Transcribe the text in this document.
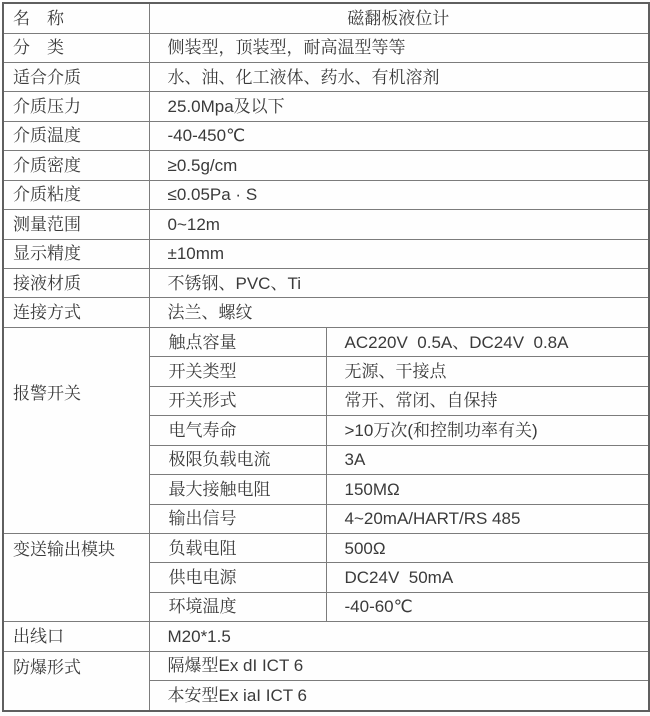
名　称	磁翻板液位计	
分　类	侧装型，顶装型，耐高温型等等	
适合介质	水、油、化工液体、药水、有机溶剂	
介质压力	25.0Mpa及以下	
介质温度	-40-450℃	
介质密度	≥0.5g/cm	
介质粘度	≤0.05Pa · S	
测量范围	0~12m	
显示精度	±10mm	
接液材质	不锈钢、PVC、Ti	
连接方式	法兰、螺纹	
报警开关	触点容量	AC220V  0.5A、DC24V  0.8A
	开关类型	无源、干接点
	开关形式	常开、常闭、自保持
	电气寿命	>10万次(和控制功率有关)
	极限负载电流	3A
	最大接触电阻	150MΩ
	输出信号	4~20mA/HART/RS 485
变送输出模块	负载电阻	500Ω
	供电电源	DC24V  50mA
	环境温度	-40-60℃
出线口	M20*1.5	
防爆形式	隔爆型Ex dI ICT 6	
	本安型Ex iaI ICT 6	
